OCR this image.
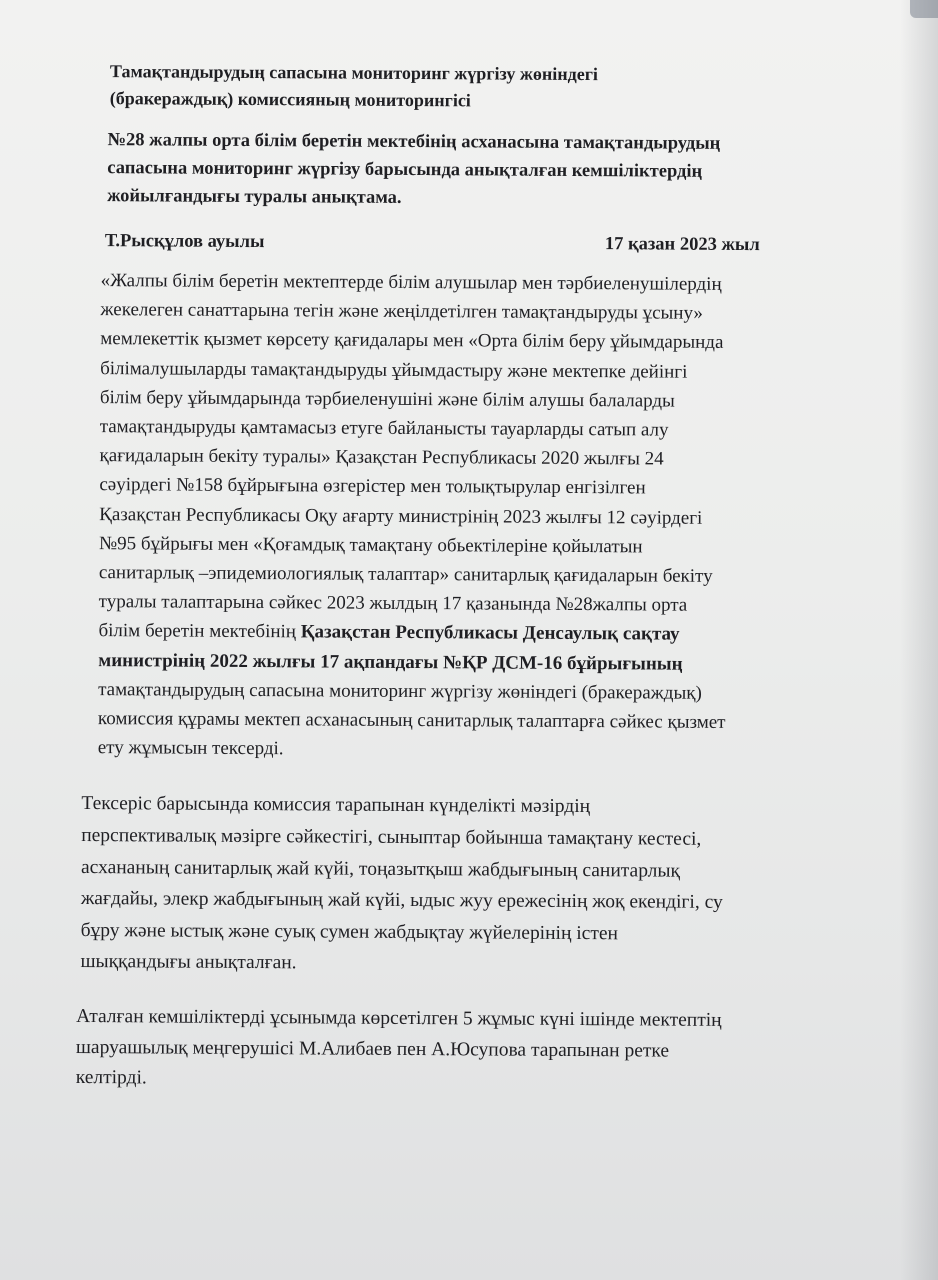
Тамақтандырудың сапасына мониторинг жүргізу жөніндегі
(бракераждық) комиссияның мониторингісі
№28 жалпы орта білім беретін мектебінің асханасына тамақтандырудың
сапасына мониторинг жүргізу барысында анықталған кемшіліктердің
жойылғандығы туралы анықтама.
Т.Рысқұлов ауылы	17 қазан 2023 жыл
«Жалпы білім беретін мектептерде білім алушылар мен тәрбиеленушілердің
жекелеген санаттарына тегін және жеңілдетілген тамақтандыруды ұсыну»
мемлекеттік қызмет көрсету қағидалары мен «Орта білім беру ұйымдарында
білімалушыларды тамақтандыруды ұйымдастыру және мектепке дейінгі
білім беру ұйымдарында тәрбиеленушіні және білім алушы балаларды
тамақтандыруды қамтамасыз етуге байланысты тауарларды сатып алу
қағидаларын бекіту туралы» Қазақстан Республикасы 2020 жылғы 24
сәуірдегі №158 бұйрығына өзгерістер мен толықтырулар енгізілген
Қазақстан Республикасы Оқу ағарту министрінің 2023 жылғы 12 сәуірдегі
№95 бұйрығы мен «Қоғамдық тамақтану обьектілеріне қойылатын
санитарлық –эпидемиологиялық талаптар» санитарлық қағидаларын бекіту
туралы талаптарына сәйкес 2023 жылдың 17 қазанында №28жалпы орта
білім беретін мектебінің Қазақстан Республикасы Денсаулық сақтау
министрінің 2022 жылғы 17 ақпандағы №ҚР ДСМ-16 бұйрығының
тамақтандырудың сапасына мониторинг жүргізу жөніндегі (бракераждық)
комиссия құрамы мектеп асханасының санитарлық талаптарға сәйкес қызмет
ету жұмысын тексерді.
Тексеріс барысында комиссия тарапынан күнделікті мәзірдің
перспективалық мәзірге сәйкестігі, сыныптар бойынша тамақтану кестесі,
асхананың санитарлық жай күйі, тоңазытқыш жабдығының санитарлық
жағдайы, элекр жабдығының жай күйі, ыдыс жуу ережесінің жоқ екендігі, су
бұру және ыстық және суық сумен жабдықтау жүйелерінің істен
шыққандығы анықталған.
Аталған кемшіліктерді ұсынымда көрсетілген 5 жұмыс күні ішінде мектептің
шаруашылық меңгерушісі М.Алибаев пен А.Юсупова тарапынан ретке
келтірді.
